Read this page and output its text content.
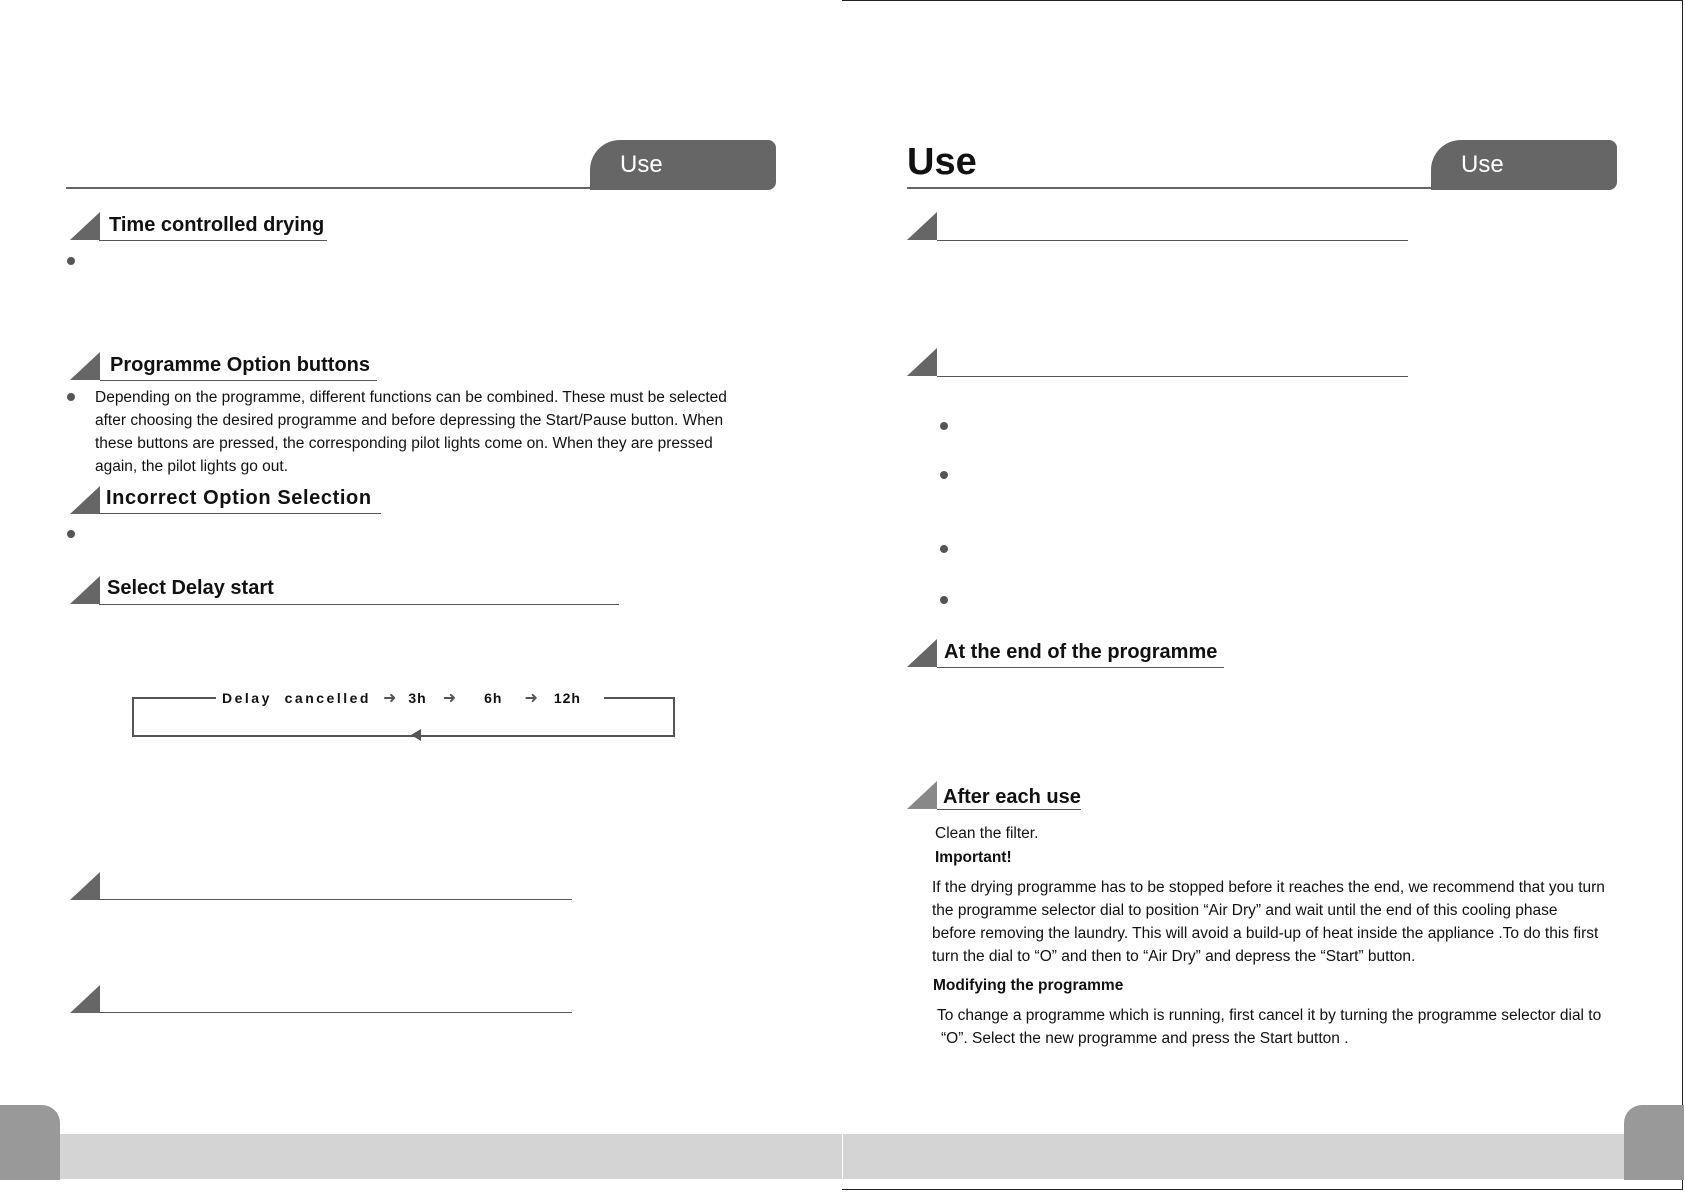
Use Process
Time controlled drying
Programme Option buttons
Depending on the programme, different functions can be combined. These must be selected
after choosing the desired programme and before depressing the Start/Pause button. When
these buttons are pressed, the corresponding pilot lights come on. When they are pressed
again, the pilot lights go out.
Incorrect Option Selection
Select Delay start
Delay  cancelled ➜ 3h	➜	6h	➜	12h
Use	Use Process
At the end of the programme
After each use
Clean the filter.
Important!
If the drying programme has to be stopped before it reaches the end, we recommend that you turn
the programme selector dial to position “Air Dry” and wait until the end of this cooling phase
before removing the laundry. This will avoid a build-up of heat inside the appliance .To do this first
turn the dial to “O” and then to “Air Dry” and depress the “Start” button.
Modifying the programme
To change a programme which is running, first cancel it by turning the programme selector dial to
“O”. Select the new programme and press the Start button .
